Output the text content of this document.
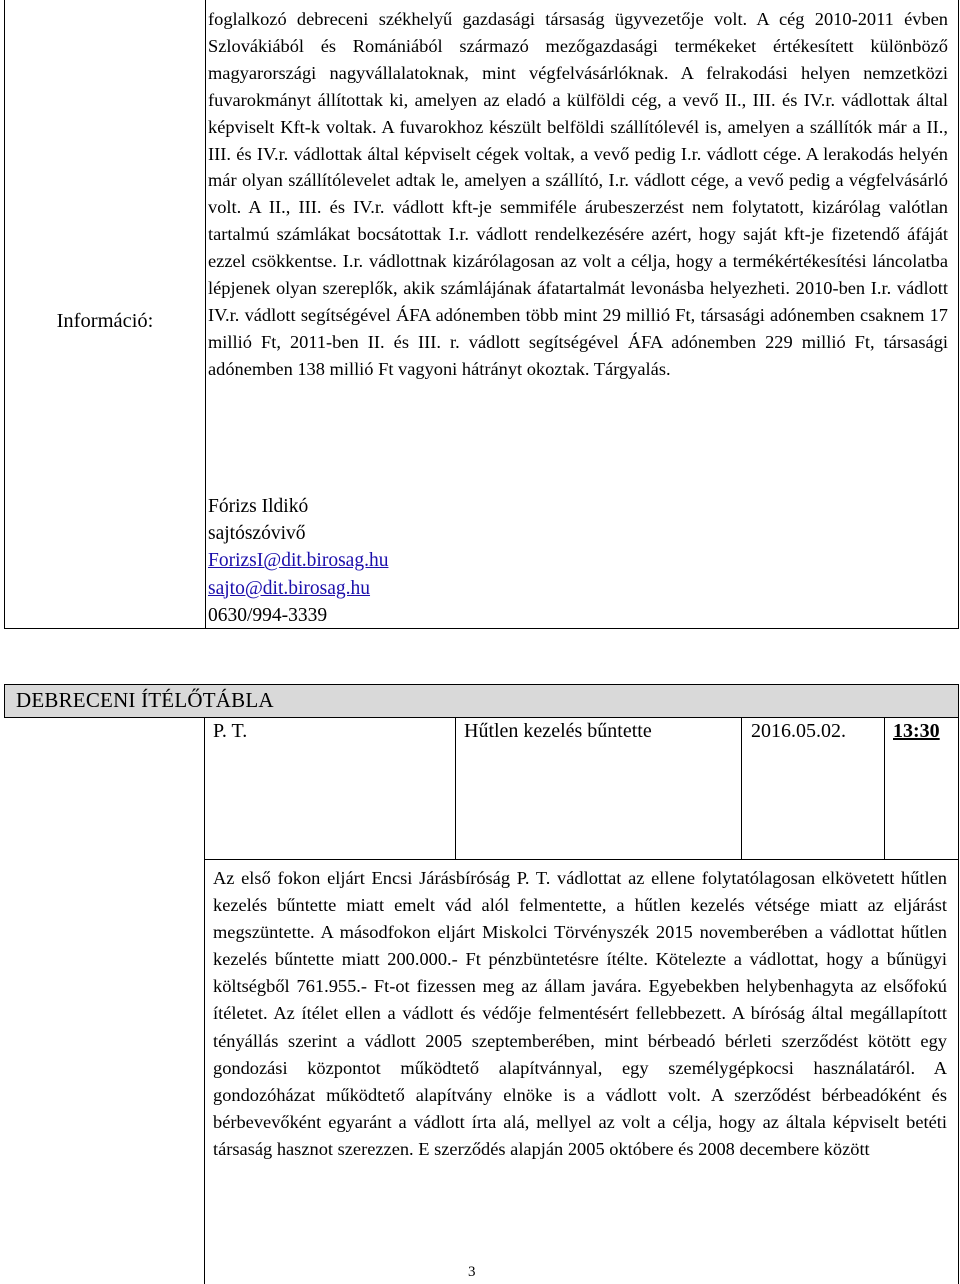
Információ:

foglalkozó debreceni székhelyű gazdasági társaság ügyvezetője volt. A cég 2010-2011 évben Szlovákiából és Romániából származó mezőgazdasági termékeket értékesített különböző magyarországi nagyvállalatoknak, mint végfelvásárlóknak. A felrakodási helyen nemzetközi fuvarokmányt állítottak ki, amelyen az eladó a külföldi cég, a vevő II., III. és IV.r. vádlottak által képviselt Kft-k voltak. A fuvarokhoz készült belföldi szállítólevél is, amelyen a szállítók már a II., III. és IV.r. vádlottak által képviselt cégek voltak, a vevő pedig I.r. vádlott cége. A lerakodás helyén már olyan szállítólevelet adtak le, amelyen a szállító, I.r. vádlott cége, a vevő pedig a végfelvásárló volt. A II., III. és IV.r. vádlott kft-je semmiféle árubeszerzést nem folytatott, kizárólag valótlan tartalmú számlákat bocsátottak I.r. vádlott rendelkezésére azért, hogy saját kft-je fizetendő áfáját ezzel csökkentse. I.r. vádlottnak kizárólagosan az volt a célja, hogy a termékértékesítési láncolatba lépjenek olyan szereplők, akik számlájának áfatartalmát levonásba helyezheti. 2010-ben I.r. vádlott IV.r. vádlott segítségével ÁFA adónemben több mint 29 millió Ft, társasági adónemben csaknem 17 millió Ft, 2011-ben II. és III. r. vádlott segítségével ÁFA adónemben 229 millió Ft, társasági adónemben 138 millió Ft vagyoni hátrányt okoztak. Tárgyalás.

Fórizs Ildikó
sajtószóvivő
ForizsI@dit.birosag.hu
sajto@dit.birosag.hu
0630/994-3339
DEBRECENI ÍTÉLŐTÁBLA
P. T.	Hűtlen kezelés bűntette	2016.05.02. 13:30

Az első fokon eljárt Encsi Járásbíróság P. T. vádlottat az ellene folytatólagosan elkövetett hűtlen kezelés bűntette miatt emelt vád alól felmentette, a hűtlen kezelés vétsége miatt az eljárást megszüntette. A másodfokon eljárt Miskolci Törvényszék 2015 novemberében a vádlottat hűtlen kezelés bűntette miatt 200.000.- Ft pénzbüntetésre ítélte. Kötelezte a vádlottat, hogy a bűnügyi költségből 761.955.- Ft-ot fizessen meg az állam javára. Egyebekben helybenhagyta az elsőfokú ítéletet. Az ítélet ellen a vádlott és védője felmentésért fellebbezett. A bíróság által megállapított tényállás szerint a vádlott 2005 szeptemberében, mint bérbeadó bérleti szerződést kötött egy gondozási központot működtető alapítvánnyal, egy személygépkocsi használatáról. A gondozóházat működtető alapítvány elnöke is a vádlott volt. A szerződést bérbeadóként és bérbevevőként egyaránt a vádlott írta alá, mellyel az volt a célja, hogy az általa képviselt betéti társaság hasznot szerezzen. E szerződés alapján 2005 októbere és 2008 decembere között

3
